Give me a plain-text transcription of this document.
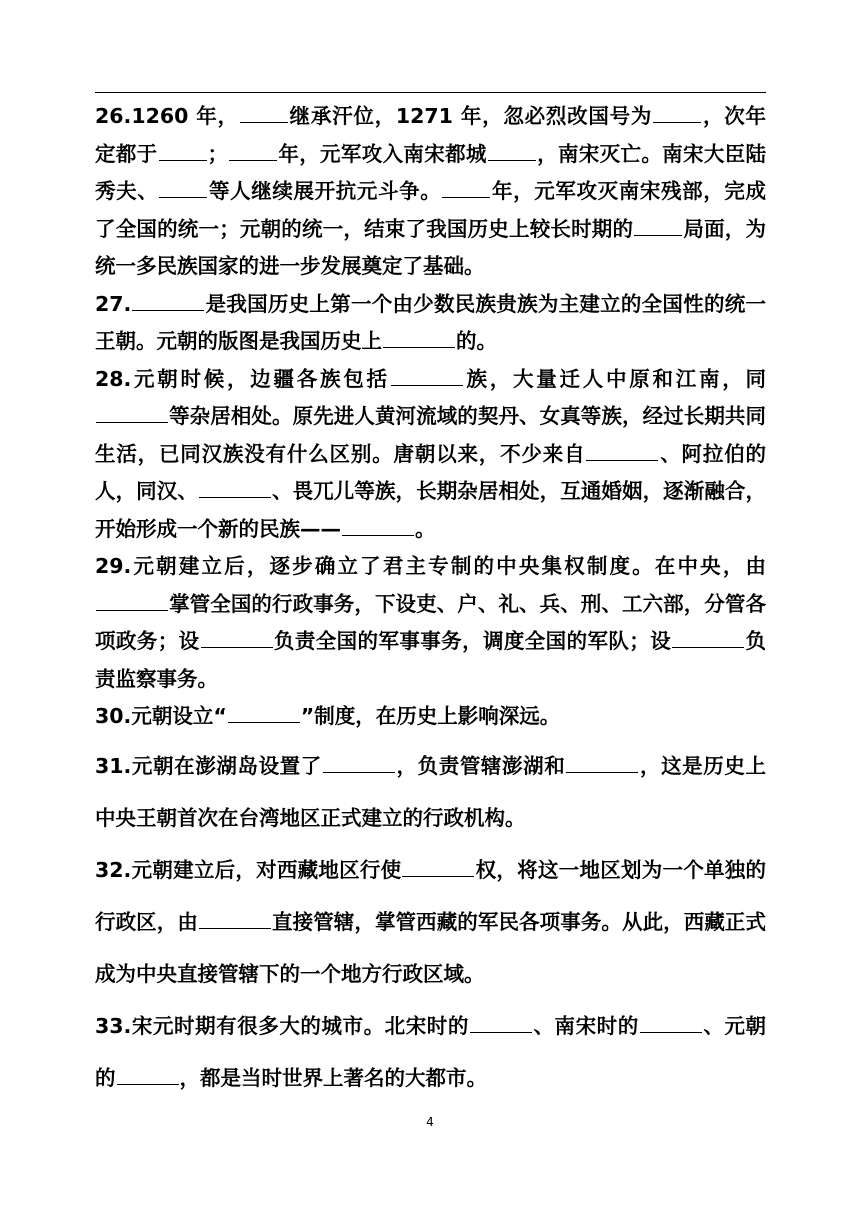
26.1260 年， 继承汗位，1271 年，忽必烈改国号为 ，次年定都于 ； 年，元军攻入南宋都城 ，南宋灭亡。南宋大臣陆秀夫、 等人继续展开抗元斗争。 年，元军攻灭南宋残部，完成了全国的统一；元朝的统一，结束了我国历史上较长时期的 局面，为统一多民族国家的进一步发展奠定了基础。

27.	是我国历史上第一个由少数民族贵族为主建立的全国性的统一王朝。元朝的版图是我国历史上	的。

28.元朝时候，边疆各族包括	族，大量迁人中原和江南，同等杂居相处。原先进人黄河流域的契丹、女真等族，经过长期共同生活，已同汉族没有什么区别。唐朝以来，不少来自	、阿拉伯的人，同汉、	、畏兀儿等族，长期杂居相处，互通婚姻，逐渐融合，开始形成一个新的民族——	。

29.元朝建立后，逐步确立了君主专制的中央集权制度。在中央，由掌管全国的行政事务，下设吏、户、礼、兵、刑、工六部，分管各项政务；设	负责全国的军事事务，调度全国的军队；设	负责监察事务。

30.元朝设立“	”制度，在历史上影响深远。

31.元朝在澎湖岛设置了	，负责管辖澎湖和	，这是历史上中央王朝首次在台湾地区正式建立的行政机构。

32.元朝建立后，对西藏地区行使	权，将这一地区划为一个单独的行政区，由	直接管辖，掌管西藏的军民各项事务。从此，西藏正式成为中央直接管辖下的一个地方行政区域。

33.宋元时期有很多大的城市。北宋时的	、南宋时的	、元朝的	，都是当时世界上著名的大都市。

4
